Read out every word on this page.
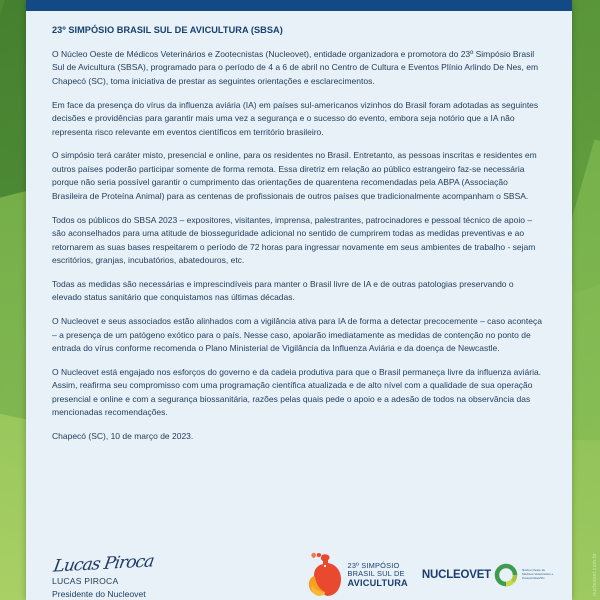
nucleovet.com.br
23º SIMPÓSIO BRASIL SUL DE AVICULTURA (SBSA)

O Núcleo Oeste de Médicos Veterinários e Zootecnistas (Nucleovet), entidade organizadora e promotora do 23º Simpósio Brasil Sul de Avicultura (SBSA), programado para o período de 4 a 6 de abril no Centro de Cultura e Eventos Plínio Arlindo De Nes, em Chapecó (SC), toma iniciativa de prestar as seguintes orientações e esclarecimentos.

Em face da presença do vírus da influenza aviária (IA) em países sul-americanos vizinhos do Brasil foram adotadas as seguintes decisões e providências para garantir mais uma vez a segurança e o sucesso do evento, embora seja notório que a IA não representa risco relevante em eventos científicos em território brasileiro.

O simpósio terá caráter misto, presencial e online, para os residentes no Brasil. Entretanto, as pessoas inscritas e residentes em outros países poderão participar somente de forma remota. Essa diretriz em relação ao público estrangeiro faz-se necessária porque não seria possível garantir o cumprimento das orientações de quarentena recomendadas pela ABPA (Associação Brasileira de Proteína Animal) para as centenas de profissionais de outros países que tradicionalmente acompanham o SBSA.

Todos os públicos do SBSA 2023 – expositores, visitantes, imprensa, palestrantes, patrocinadores e pessoal técnico de apoio – são aconselhados para uma atitude de biosseguridade adicional no sentido de cumprirem todas as medidas preventivas e ao retornarem as suas bases respeitarem o período de 72 horas para ingressar novamente em seus ambientes de trabalho - sejam escritórios, granjas, incubatórios, abatedouros, etc.

Todas as medidas são necessárias e imprescindíveis para manter o Brasil livre de IA e de outras patologias preservando o elevado status sanitário que conquistamos nas últimas décadas.

O Nucleovet e seus associados estão alinhados com a vigilância ativa para IA de forma a detectar precocemente – caso aconteça – a presença de um patógeno exótico para o país. Nesse caso, apoiarão imediatamente as medidas de contenção no ponto de entrada do vírus conforme recomenda o Plano Ministerial de Vigilância da Influenza Aviária e da doença de Newcastle.

O Nucleovet está engajado nos esforços do governo e da cadeia produtiva para que o Brasil permaneça livre da influenza aviária. Assim, reafirma seu compromisso com uma programação científica atualizada e de alto nível com a qualidade de sua operação presencial e online e com a segurança biossanitária, razões pelas quais pede o apoio e a adesão de todos na observância das mencionadas recomendações.

Chapecó (SC), 10 de março de 2023.

Lucas Piroca
LUCAS PIROCA
Presidente do Nucleovet
23º SIMPÓSIO
BRASIL SUL DE
AVICULTURA
NUCLEOVET	Núcleo Oeste de Médicos Veterinários e Zootecnistas/SC
